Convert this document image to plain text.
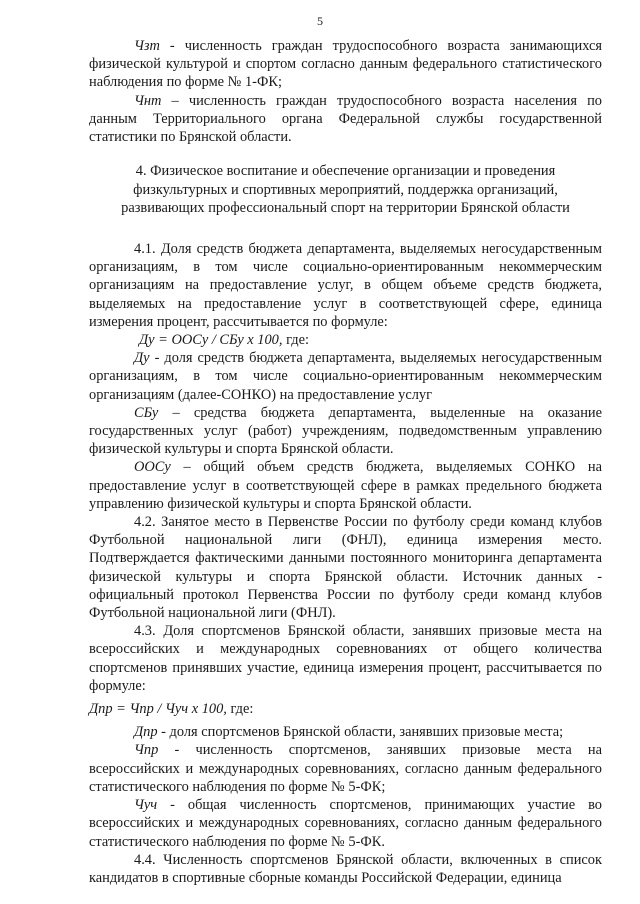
5

Чзт - численность граждан трудоспособного возраста занимающихся физической культурой и спортом согласно данным федерального статистического наблюдения по форме № 1-ФК;

Чнт – численность граждан трудоспособного возраста населения по данным Территориального органа Федеральной службы государственной статистики по Брянской области.

4. Физическое воспитание и обеспечение организации и проведения
физкультурных и спортивных мероприятий, поддержка организаций,
развивающих профессиональный спорт на территории Брянской области

4.1. Доля средств бюджета департамента, выделяемых негосударственным организациям, в том числе социально-ориентированным некоммерческим организациям на предоставление услуг, в общем объеме средств бюджета, выделяемых на предоставление услуг в соответствующей сфере, единица измерения процент, рассчитывается по формуле:

Ду = ООСу / СБу х 100, где:

Ду - доля средств бюджета департамента, выделяемых негосударственным организациям, в том числе социально-ориентированным некоммерческим организациям (далее-СОНКО) на предоставление услуг

СБу – средства бюджета департамента, выделенные на оказание государственных услуг (работ) учреждениям, подведомственным управлению физической культуры и спорта Брянской области.

ООСу – общий объем средств бюджета, выделяемых СОНКО на предоставление услуг в соответствующей сфере в рамках предельного бюджета управлению физической культуры и спорта Брянской области.

4.2. Занятое место в Первенстве России по футболу среди команд клубов Футбольной национальной лиги (ФНЛ), единица измерения место. Подтверждается фактическими данными постоянного мониторинга департамента физической культуры и спорта Брянской области. Источник данных - официальный протокол Первенства России по футболу среди команд клубов Футбольной национальной лиги (ФНЛ).

4.3. Доля спортсменов Брянской области, занявших призовые места на всероссийских и международных соревнованиях от общего количества спортсменов принявших участие, единица измерения процент, рассчитывается по формуле:

Дпр = Чпр / Чуч х 100, где:

Дпр - доля спортсменов Брянской области, занявших призовые места;

Чпр - численность спортсменов, занявших призовые места на всероссийских и международных соревнованиях, согласно данным федерального статистического наблюдения по форме № 5-ФК;

Чуч - общая численность спортсменов, принимающих участие во всероссийских и международных соревнованиях, согласно данным федерального статистического наблюдения по форме № 5-ФК.

4.4. Численность спортсменов Брянской области, включенных в список кандидатов в спортивные сборные команды Российской Федерации, единица
